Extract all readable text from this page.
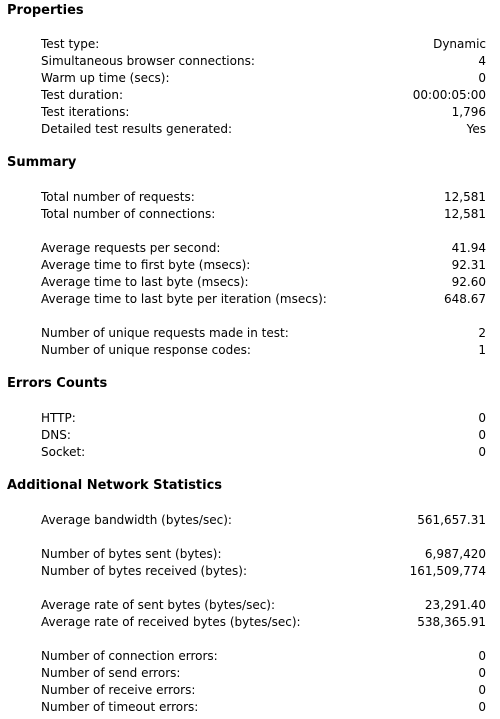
Properties
Test type:	Dynamic
Simultaneous browser connections:	4
Warm up time (secs):	0
Test duration:	00:00:05:00
Test iterations:	1,796
Detailed test results generated:	Yes
Summary
Total number of requests:	12,581
Total number of connections:	12,581
Average requests per second:	41.94
Average time to first byte (msecs):	92.31
Average time to last byte (msecs):	92.60
Average time to last byte per iteration (msecs):	648.67
Number of unique requests made in test:	2
Number of unique response codes:	1
Errors Counts
HTTP:	0
DNS:	0
Socket:	0
Additional Network Statistics
Average bandwidth (bytes/sec):	561,657.31
Number of bytes sent (bytes):	6,987,420
Number of bytes received (bytes):	161,509,774
Average rate of sent bytes (bytes/sec):	23,291.40
Average rate of received bytes (bytes/sec):	538,365.91
Number of connection errors:	0
Number of send errors:	0
Number of receive errors:	0
Number of timeout errors:	0
